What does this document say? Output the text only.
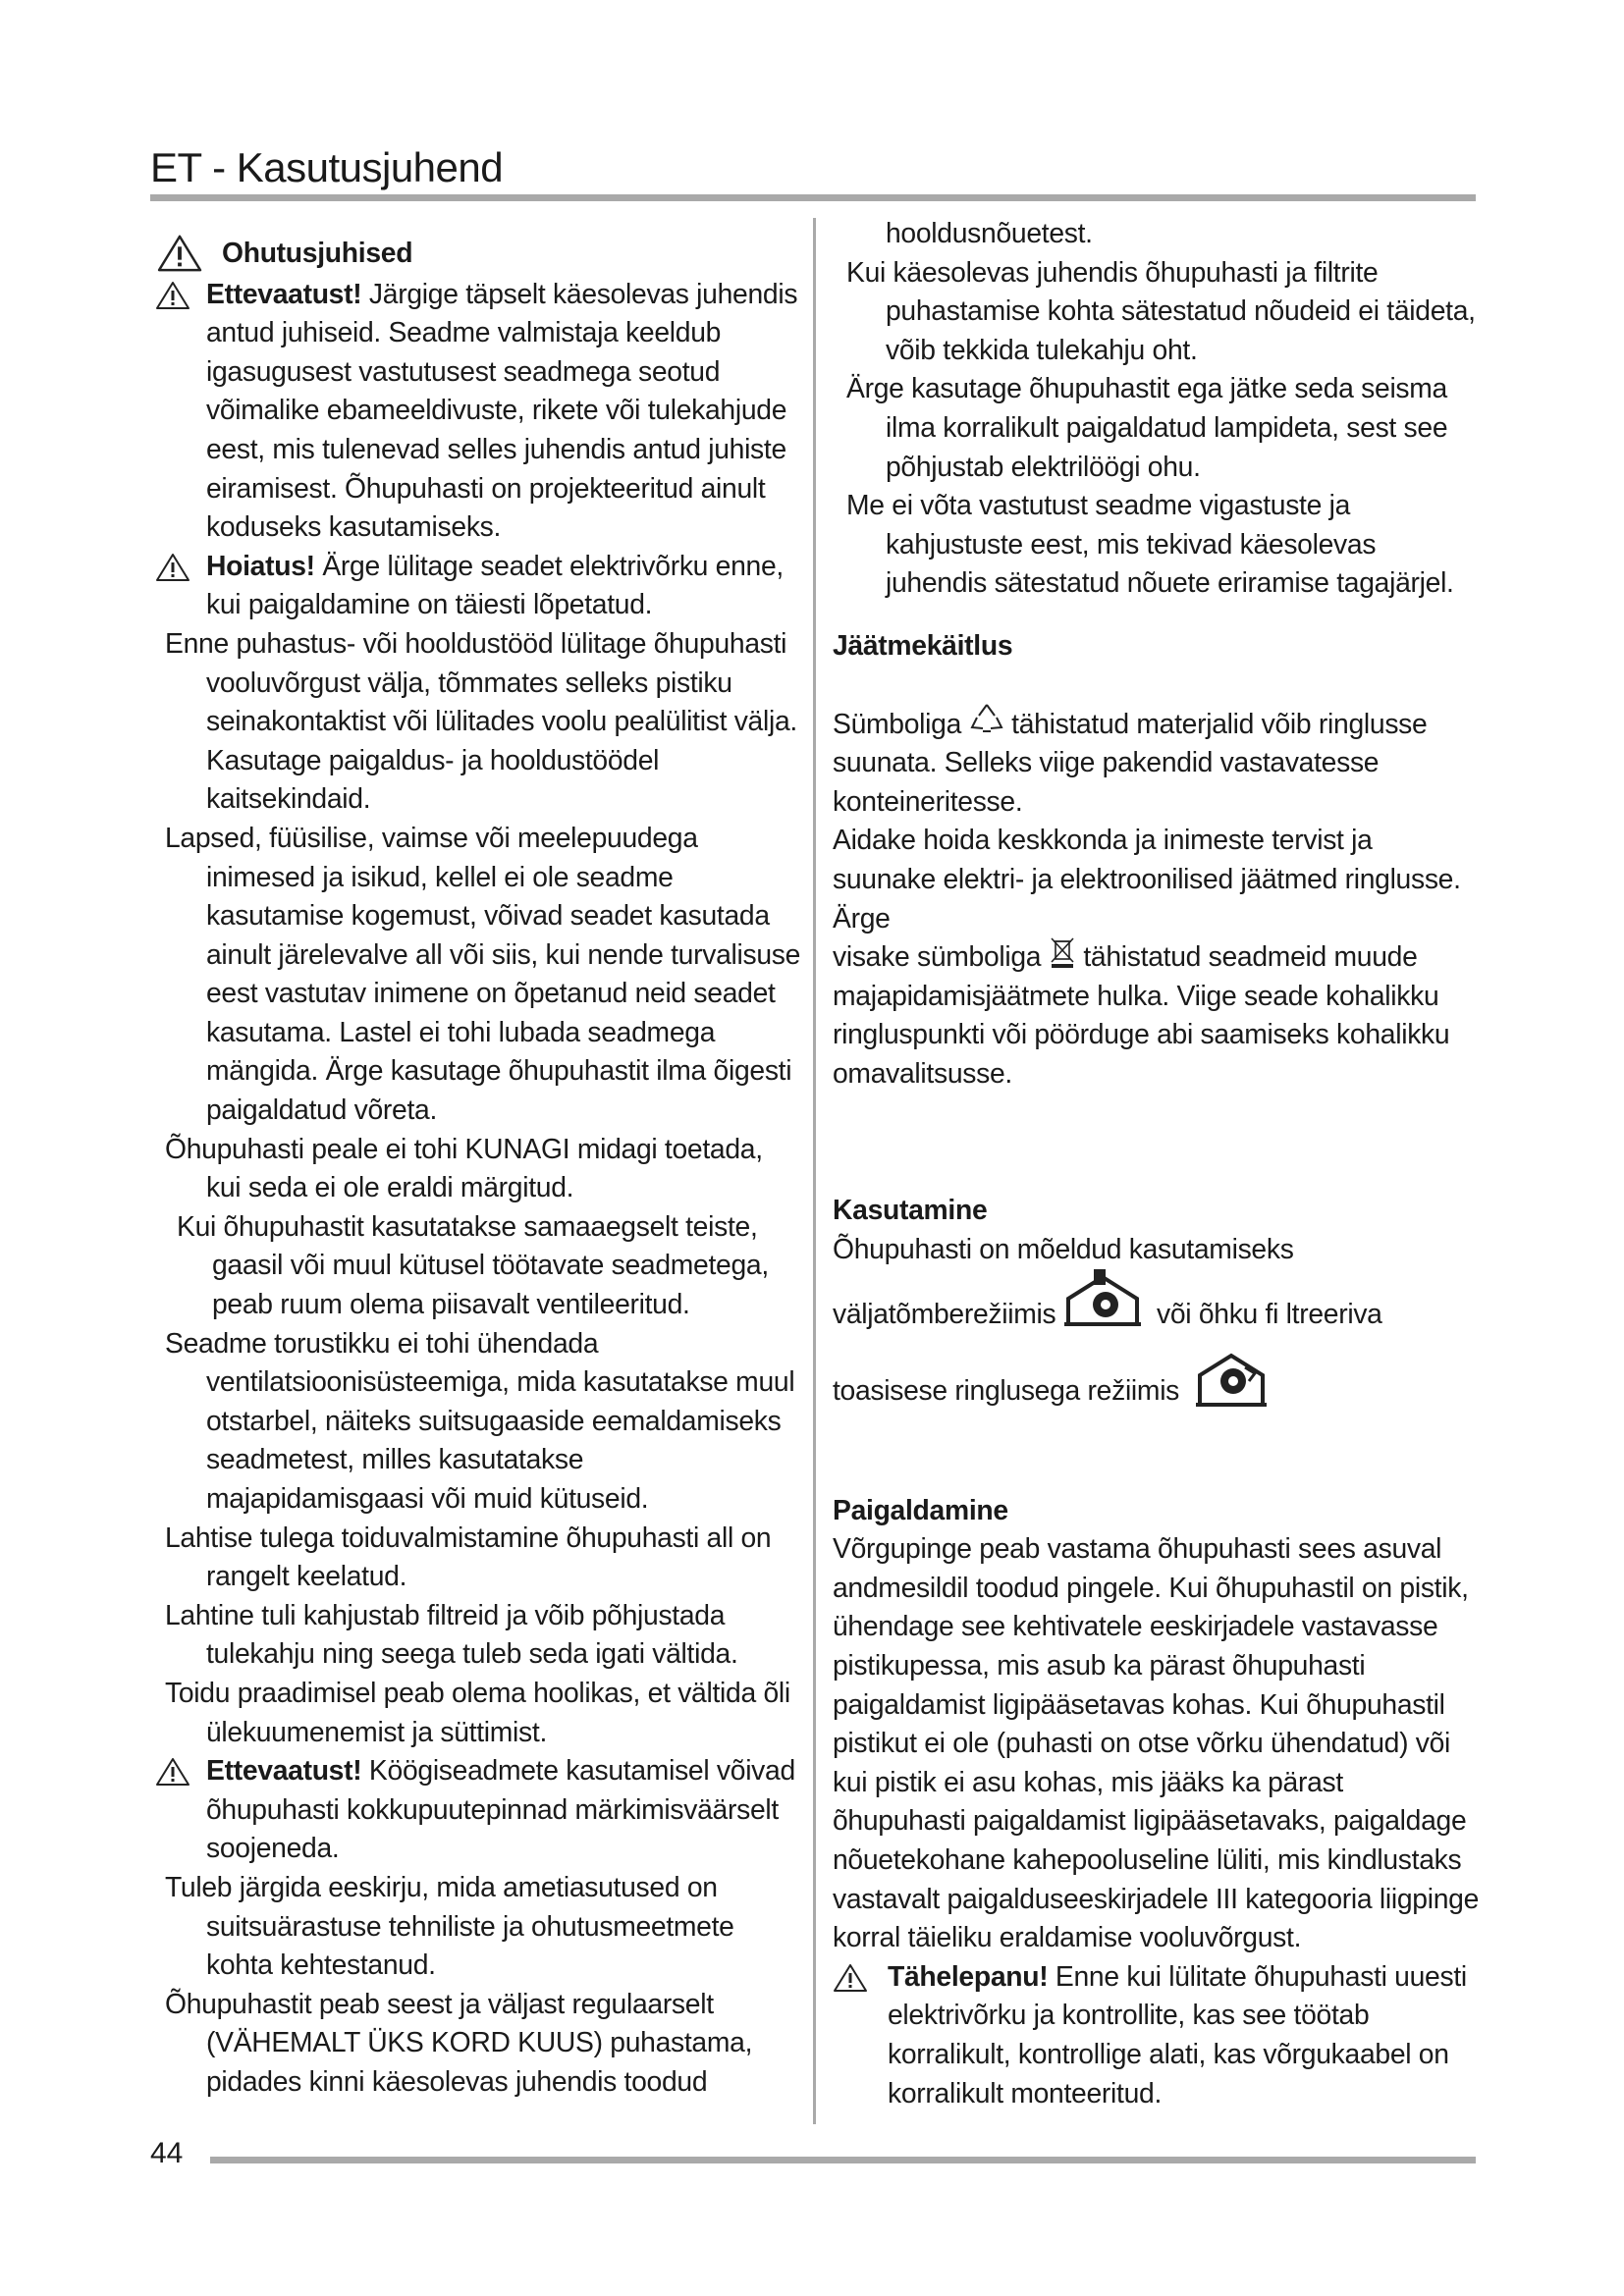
ET - Kasutusjuhend
Ohutusjuhised
Ettevaatust! Järgige täpselt käesolevas juhendis antud juhiseid. Seadme valmistaja keeldub igasugusest vastutusest seadmega seotud võimalike ebameeldivuste, rikete või tulekahjude eest, mis tulenevad selles juhendis antud juhiste eiramisest. Õhupuhasti on projekteeritud ainult koduseks kasutamiseks.
Hoiatus! Ärge lülitage seadet elektrivõrku enne, kui paigaldamine on täiesti lõpetatud.

Enne puhastus- või hooldustööd lülitage õhupuhasti vooluvõrgust välja, tõmmates selleks pistiku seinakontaktist või lülitades voolu pealülitist välja. Kasutage paigaldus- ja hooldustöödel kaitsekindaid.

Lapsed, füüsilise, vaimse või meelepuudega inimesed ja isikud, kellel ei ole seadme kasutamise kogemust, võivad seadet kasutada ainult järelevalve all või siis, kui nende turvalisuse eest vastutav inimene on õpetanud neid seadet kasutama. Lastel ei tohi lubada seadmega mängida. Ärge kasutage õhupuhastit ilma õigesti paigaldatud võreta.

Õhupuhasti peale ei tohi KUNAGI midagi toetada, kui seda ei ole eraldi märgitud.

Kui õhupuhastit kasutatakse samaaegselt teiste, gaasil või muul kütusel töötavate seadmetega, peab ruum olema piisavalt ventileeritud.

Seadme torustikku ei tohi ühendada ventilatsioonisüsteemiga, mida kasutatakse muul otstarbel, näiteks suitsugaaside eemaldamiseks seadmetest, milles kasutatakse majapidamisgaasi või muid kütuseid.

Lahtise tulega toiduvalmistamine õhupuhasti all on rangelt keelatud.

Lahtine tuli kahjustab filtreid ja võib põhjustada tulekahju ning seega tuleb seda igati vältida.

Toidu praadimisel peab olema hoolikas, et vältida õli ülekuumenemist ja süttimist.

Ettevaatust! Köögiseadmete kasutamisel võivad õhupuhasti kokkupuutepinnad märkimisväärselt soojeneda.

Tuleb järgida eeskirju, mida ametiasutused on suitsuärastuse tehniliste ja ohutusmeetmete kohta kehtestanud.

Õhupuhastit peab seest ja väljast regulaarselt (VÄHEMALT ÜKS KORD KUUS) puhastama, pidades kinni käesolevas juhendis toodud

hooldusnõuetest.

Kui käesolevas juhendis õhupuhasti ja filtrite puhastamise kohta sätestatud nõudeid ei täideta, võib tekkida tulekahju oht.

Ärge kasutage õhupuhastit ega jätke seda seisma ilma korralikult paigaldatud lampideta, sest see põhjustab elektrilöögi ohu.

Me ei võta vastutust seadme vigastuste ja kahjustuste eest, mis tekivad käesolevas juhendis sätestatud nõuete eriramise tagajärjel.

Jäätmekäitlus

Sümboliga  tähistatud materjalid võib ringlusse suunata. Selleks viige pakendid vastavatesse konteineritesse.

Aidake hoida keskkonda ja inimeste tervist ja suunake elektri- ja elektroonilised jäätmed ringlusse.

Ärge

visake sümboliga  tähistatud seadmeid muude majapidamisjäätmete hulka. Viige seade kohalikku ringluspunkti või pöörduge abi saamiseks kohalikku omavalitsusse.

Kasutamine

Õhupuhasti on mõeldud kasutamiseks

väljatõmberežiimis	või õhku fi ltreeriva
toasisese ringlusega režiimis

Paigaldamine

Võrgupinge peab vastama õhupuhasti sees asuval andmesildil toodud pingele. Kui õhupuhastil on pistik, ühendage see kehtivatele eeskirjadele vastavasse pistikupessa, mis asub ka pärast õhupuhasti paigaldamist ligipääsetavas kohas. Kui õhupuhastil pistikut ei ole (puhasti on otse võrku ühendatud) või kui pistik ei asu kohas, mis jääks ka pärast õhupuhasti paigaldamist ligipääsetavaks, paigaldage nõuetekohane kahepooluseline lüliti, mis kindlustaks vastavalt paigalduseeskirjadele III kategooria liigpinge korral täieliku eraldamise vooluvõrgust.

Tähelepanu! Enne kui lülitate õhupuhasti uuesti elektrivõrku ja kontrollite, kas see töötab korralikult, kontrollige alati, kas võrgukaabel on korralikult monteeritud.
44
